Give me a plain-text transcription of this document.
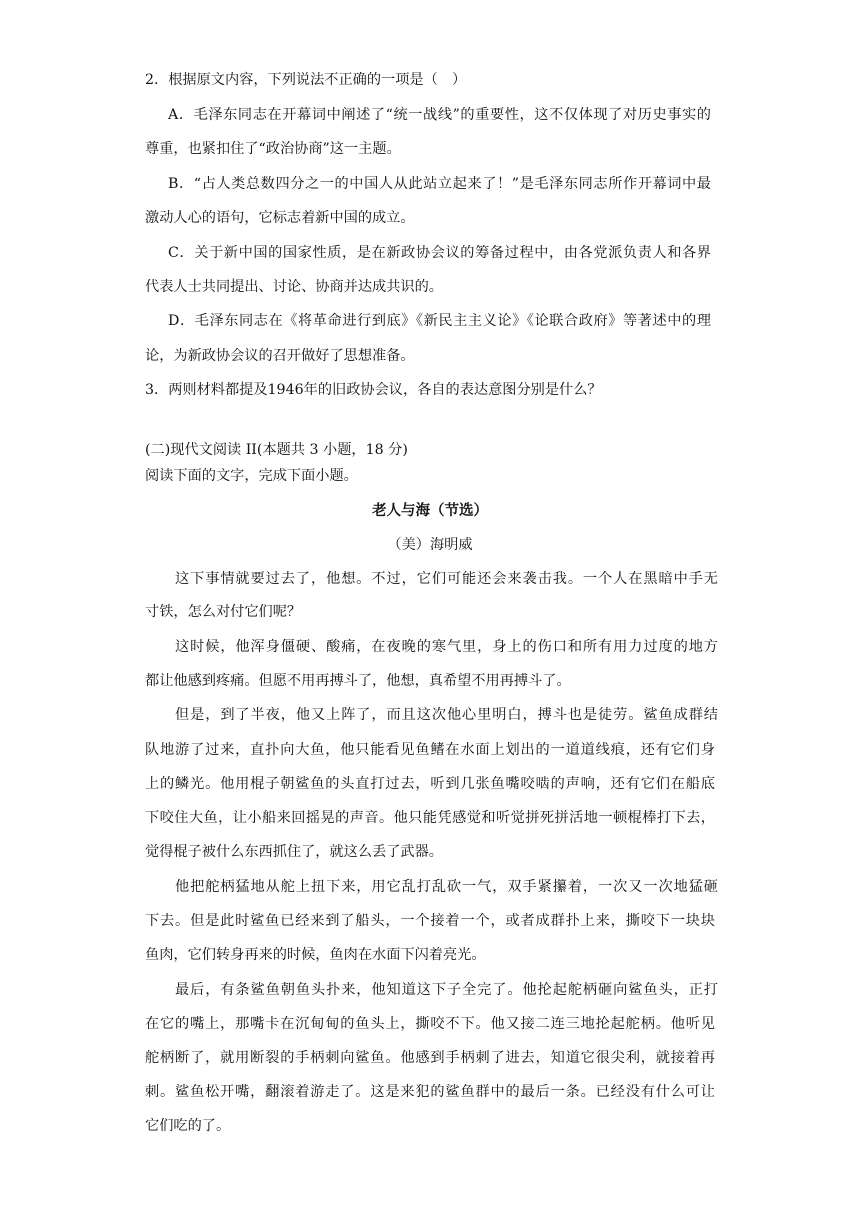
2．根据原文内容，下列说法不正确的一项是（　）
A．毛泽东同志在开幕词中阐述了“统一战线”的重要性，这不仅体现了对历史事实的
尊重，也紧扣住了“政治协商”这一主题。
B．“占人类总数四分之一的中国人从此站立起来了！”是毛泽东同志所作开幕词中最
激动人心的语句，它标志着新中国的成立。
C．关于新中国的国家性质，是在新政协会议的筹备过程中，由各党派负责人和各界
代表人士共同提出、讨论、协商并达成共识的。
D．毛泽东同志在《将革命进行到底》《新民主主义论》《论联合政府》等著述中的理
论，为新政协会议的召开做好了思想准备。
3．两则材料都提及1946年的旧政协会议，各自的表达意图分别是什么？
(二)现代文阅读 II(本题共 3 小题，18 分)
阅读下面的文字，完成下面小题。
老人与海（节选）
（美）海明威
这下事情就要过去了，他想。不过，它们可能还会来袭击我。一个人在黑暗中手无
寸铁，怎么对付它们呢？
这时候，他浑身僵硬、酸痛，在夜晚的寒气里，身上的伤口和所有用力过度的地方
都让他感到疼痛。但愿不用再搏斗了，他想，真希望不用再搏斗了。
但是，到了半夜，他又上阵了，而且这次他心里明白，搏斗也是徒劳。鲨鱼成群结
队地游了过来，直扑向大鱼，他只能看见鱼鳍在水面上划出的一道道线痕，还有它们身
上的鳞光。他用棍子朝鲨鱼的头直打过去，听到几张鱼嘴咬啮的声响，还有它们在船底
下咬住大鱼，让小船来回摇晃的声音。他只能凭感觉和听觉拼死拼活地一顿棍棒打下去，
觉得棍子被什么东西抓住了，就这么丢了武器。
他把舵柄猛地从舵上扭下来，用它乱打乱砍一气，双手紧攥着，一次又一次地猛砸
下去。但是此时鲨鱼已经来到了船头，一个接着一个，或者成群扑上来，撕咬下一块块
鱼肉，它们转身再来的时候，鱼肉在水面下闪着亮光。
最后，有条鲨鱼朝鱼头扑来，他知道这下子全完了。他抡起舵柄砸向鲨鱼头，正打
在它的嘴上，那嘴卡在沉甸甸的鱼头上，撕咬不下。他又接二连三地抡起舵柄。他听见
舵柄断了，就用断裂的手柄刺向鲨鱼。他感到手柄刺了进去，知道它很尖利，就接着再
刺。鲨鱼松开嘴，翻滚着游走了。这是来犯的鲨鱼群中的最后一条。已经没有什么可让
它们吃的了。
